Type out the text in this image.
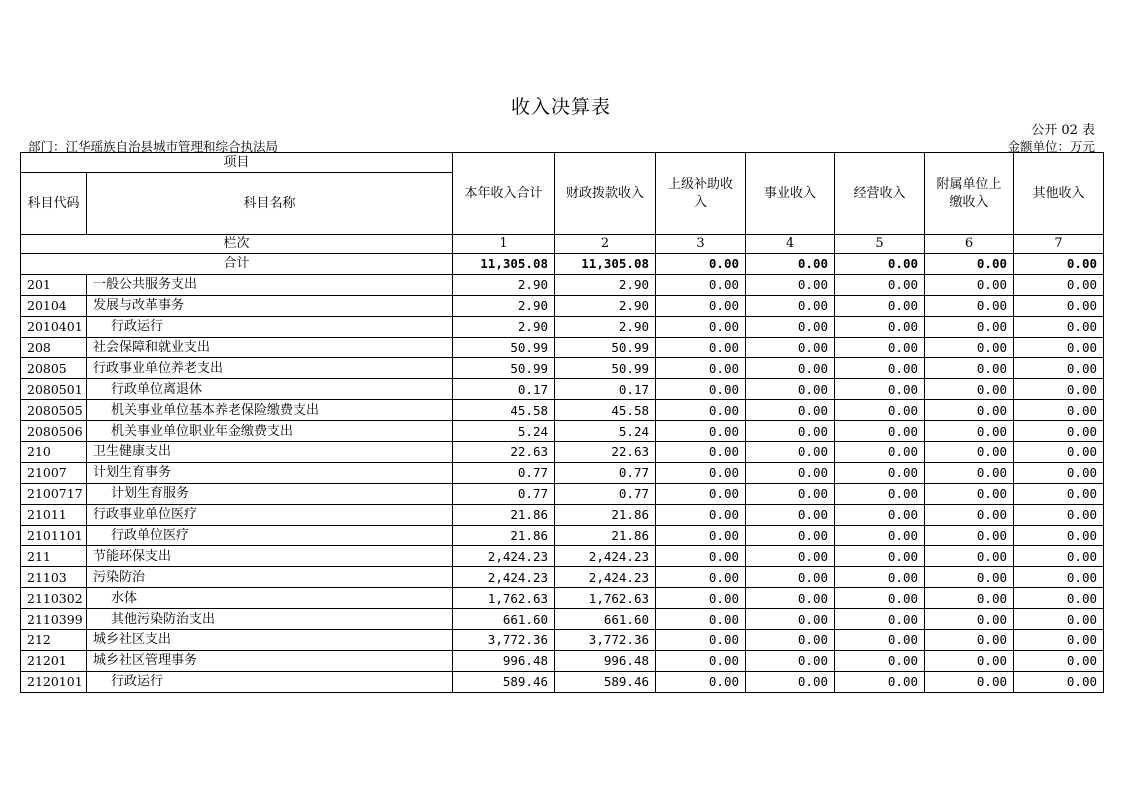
收入决算表
公开 02 表
部门：江华瑶族自治县城市管理和综合执法局	金额单位：万元
项目		本年收入合计	财政拨款收入	上级补助收入	事业收入	经营收入	附属单位上缴收入	其他收入
科目代码	科目名称							
栏次		1	2	3	4	5	6	7
合计		11,305.08	11,305.08	0.00	0.00	0.00	0.00	0.00
201	一般公共服务支出	2.90	2.90	0.00	0.00	0.00	0.00	0.00
20104	发展与改革事务	2.90	2.90	0.00	0.00	0.00	0.00	0.00
2010401	行政运行	2.90	2.90	0.00	0.00	0.00	0.00	0.00
208	社会保障和就业支出	50.99	50.99	0.00	0.00	0.00	0.00	0.00
20805	行政事业单位养老支出	50.99	50.99	0.00	0.00	0.00	0.00	0.00
2080501	行政单位离退休	0.17	0.17	0.00	0.00	0.00	0.00	0.00
2080505	机关事业单位基本养老保险缴费支出	45.58	45.58	0.00	0.00	0.00	0.00	0.00
2080506	机关事业单位职业年金缴费支出	5.24	5.24	0.00	0.00	0.00	0.00	0.00
210	卫生健康支出	22.63	22.63	0.00	0.00	0.00	0.00	0.00
21007	计划生育事务	0.77	0.77	0.00	0.00	0.00	0.00	0.00
2100717	计划生育服务	0.77	0.77	0.00	0.00	0.00	0.00	0.00
21011	行政事业单位医疗	21.86	21.86	0.00	0.00	0.00	0.00	0.00
2101101	行政单位医疗	21.86	21.86	0.00	0.00	0.00	0.00	0.00
211	节能环保支出	2,424.23	2,424.23	0.00	0.00	0.00	0.00	0.00
21103	污染防治	2,424.23	2,424.23	0.00	0.00	0.00	0.00	0.00
2110302	水体	1,762.63	1,762.63	0.00	0.00	0.00	0.00	0.00
2110399	其他污染防治支出	661.60	661.60	0.00	0.00	0.00	0.00	0.00
212	城乡社区支出	3,772.36	3,772.36	0.00	0.00	0.00	0.00	0.00
21201	城乡社区管理事务	996.48	996.48	0.00	0.00	0.00	0.00	0.00
2120101	行政运行	589.46	589.46	0.00	0.00	0.00	0.00	0.00
